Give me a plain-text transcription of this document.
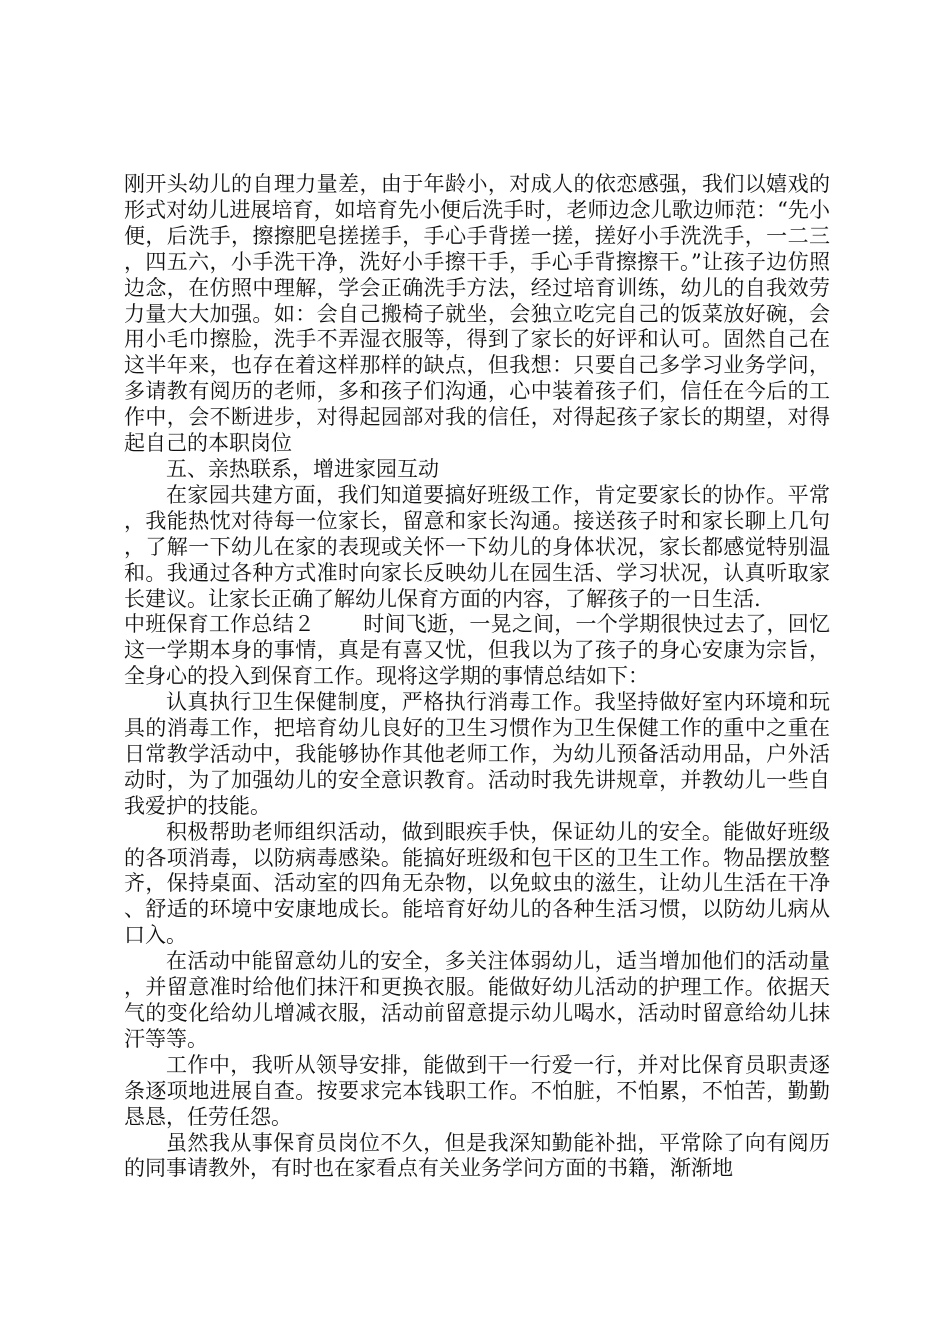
刚开头幼儿的自理力量差，由于年龄小，对成人的依恋感强，我们以嬉戏的形式对幼儿进展培育，如培育先小便后洗手时，老师边念儿歌边师范：“先小便，后洗手，擦擦肥皂搓搓手，手心手背搓一搓，搓好小手洗洗手，一二三，四五六，小手洗干净，洗好小手擦干手，手心手背擦擦干。”让孩子边仿照边念，在仿照中理解，学会正确洗手方法，经过培育训练，幼儿的自我效劳力量大大加强。如：会自己搬椅子就坐，会独立吃完自己的饭菜放好碗，会用小毛巾擦脸，洗手不弄湿衣服等，得到了家长的好评和认可。固然自己在这半年来，也存在着这样那样的缺点，但我想：只要自己多学习业务学问，多请教有阅历的老师，多和孩子们沟通，心中装着孩子们，信任在今后的工作中，会不断进步，对得起园部对我的信任，对得起孩子家长的期望，对得起自己的本职岗位

五、亲热联系，增进家园互动

在家园共建方面，我们知道要搞好班级工作，肯定要家长的协作。平常，我能热忱对待每一位家长，留意和家长沟通。接送孩子时和家长聊上几句，了解一下幼儿在家的表现或关怀一下幼儿的身体状况，家长都感觉特别温和。我通过各种方式准时向家长反映幼儿在园生活、学习状况，认真听取家长建议。让家长正确了解幼儿保育方面的内容，了解孩子的一日生活.

中班保育工作总结２ 时间飞逝，一晃之间，一个学期很快过去了，回忆这一学期本身的事情，真是有喜又忧，但我以为了孩子的身心安康为宗旨，全身心的投入到保育工作。现将这学期的事情总结如下：

认真执行卫生保健制度，严格执行消毒工作。我坚持做好室内环境和玩具的消毒工作，把培育幼儿良好的卫生习惯作为卫生保健工作的重中之重在日常教学活动中，我能够协作其他老师工作，为幼儿预备活动用品，户外活动时，为了加强幼儿的安全意识教育。活动时我先讲规章，并教幼儿一些自我爱护的技能。

积极帮助老师组织活动，做到眼疾手快，保证幼儿的安全。能做好班级的各项消毒，以防病毒感染。能搞好班级和包干区的卫生工作。物品摆放整齐，保持桌面、活动室的四角无杂物，以免蚊虫的滋生，让幼儿生活在干净、舒适的环境中安康地成长。能培育好幼儿的各种生活习惯，以防幼儿病从口入。

在活动中能留意幼儿的安全，多关注体弱幼儿，适当增加他们的活动量，并留意准时给他们抹汗和更换衣服。能做好幼儿活动的护理工作。依据天气的变化给幼儿增减衣服，活动前留意提示幼儿喝水，活动时留意给幼儿抹汗等等。

工作中，我听从领导安排，能做到干一行爱一行，并对比保育员职责逐条逐项地进展自查。按要求完本钱职工作。不怕脏，不怕累，不怕苦，勤勤恳恳，任劳任怨。

虽然我从事保育员岗位不久，但是我深知勤能补拙，平常除了向有阅历的同事请教外，有时也在家看点有关业务学问方面的书籍，渐渐地
